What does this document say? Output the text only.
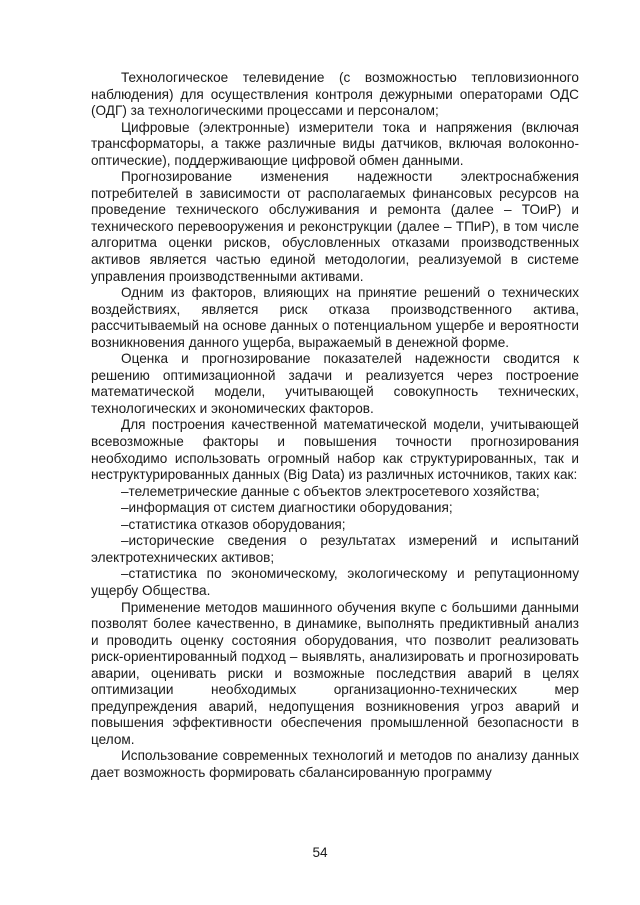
Технологическое телевидение (с возможностью тепловизионного наблюдения) для осуществления контроля дежурными операторами ОДС (ОДГ) за технологическими процессами и персоналом;

Цифровые (электронные) измерители тока и напряжения (включая трансформаторы, а также различные виды датчиков, включая волоконно-оптические), поддерживающие цифровой обмен данными.

Прогнозирование изменения надежности электроснабжения потребителей в зависимости от располагаемых финансовых ресурсов на проведение технического обслуживания и ремонта (далее – ТОиР) и технического перевооружения и реконструкции (далее – ТПиР), в том числе алгоритма оценки рисков, обусловленных отказами производственных активов является частью единой методологии, реализуемой в системе управления производственными активами.

Одним из факторов, влияющих на принятие решений о технических воздействиях, является риск отказа производственного актива, рассчитываемый на основе данных о потенциальном ущербе и вероятности возникновения данного ущерба, выражаемый в денежной форме.

Оценка и прогнозирование показателей надежности сводится к решению оптимизационной задачи и реализуется через построение математической модели, учитывающей совокупность технических, технологических и экономических факторов.

Для построения качественной математической модели, учитывающей всевозможные факторы и повышения точности прогнозирования необходимо использовать огромный набор как структурированных, так и неструктурированных данных (Big Data) из различных источников, таких как:

–телеметрические данные с объектов электросетевого хозяйства;

–информация от систем диагностики оборудования;

–статистика отказов оборудования;

–исторические сведения о результатах измерений и испытаний электротехнических активов;

–статистика по экономическому, экологическому и репутационному ущербу Общества.

Применение методов машинного обучения вкупе с большими данными позволят более качественно, в динамике, выполнять предиктивный анализ и проводить оценку состояния оборудования, что позволит реализовать риск-ориентированный подход – выявлять, анализировать и прогнозировать аварии, оценивать риски и возможные последствия аварий в целях оптимизации необходимых организационно-технических мер предупреждения аварий, недопущения возникновения угроз аварий и повышения эффективности обеспечения промышленной безопасности в целом.

Использование современных технологий и методов по анализу данных дает возможность формировать сбалансированную программу

54
